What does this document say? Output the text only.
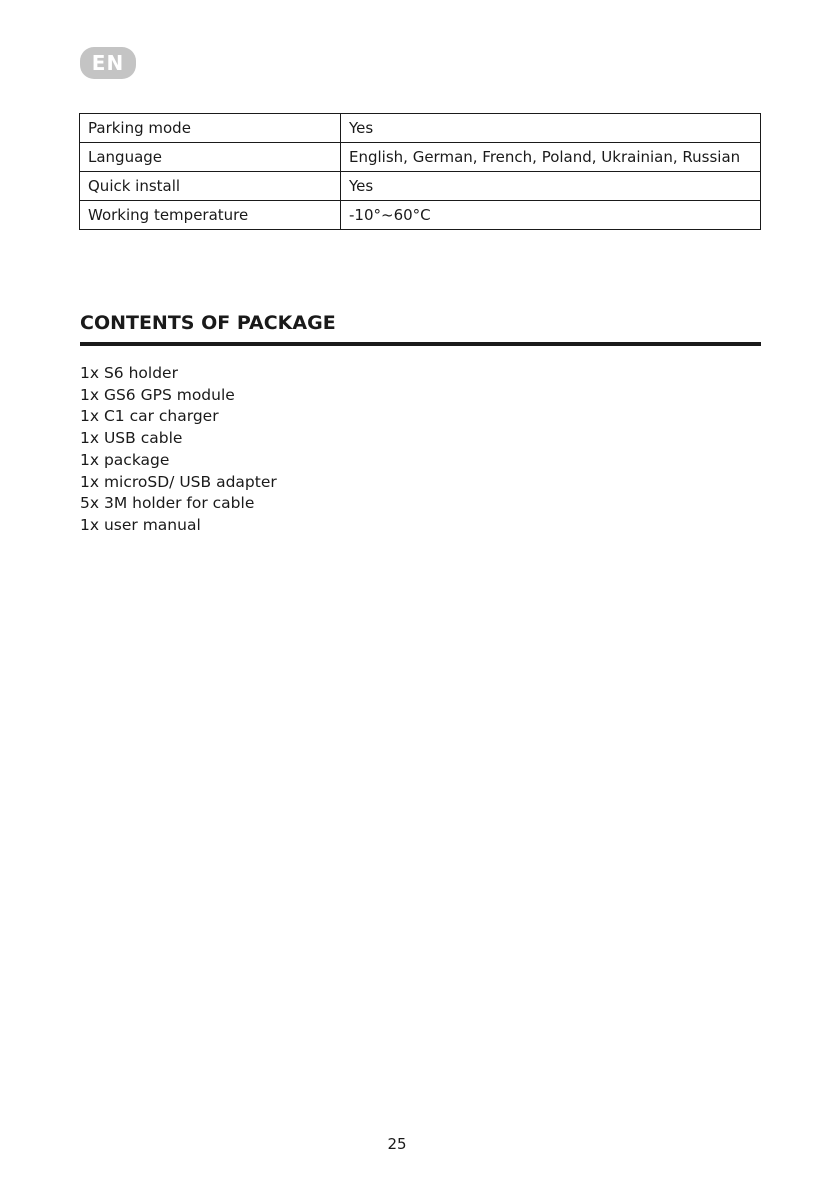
EN
Parking mode	Yes
Language	English, German, French, Poland, Ukrainian, Russian
Quick install	Yes
Working temperature	-10°~60°C
CONTENTS OF PACKAGE
1x S6 holder
1x GS6 GPS module
1x C1 car charger
1x USB cable
1x package
1x microSD/ USB adapter
5x 3M holder for cable
1x user manual
25
